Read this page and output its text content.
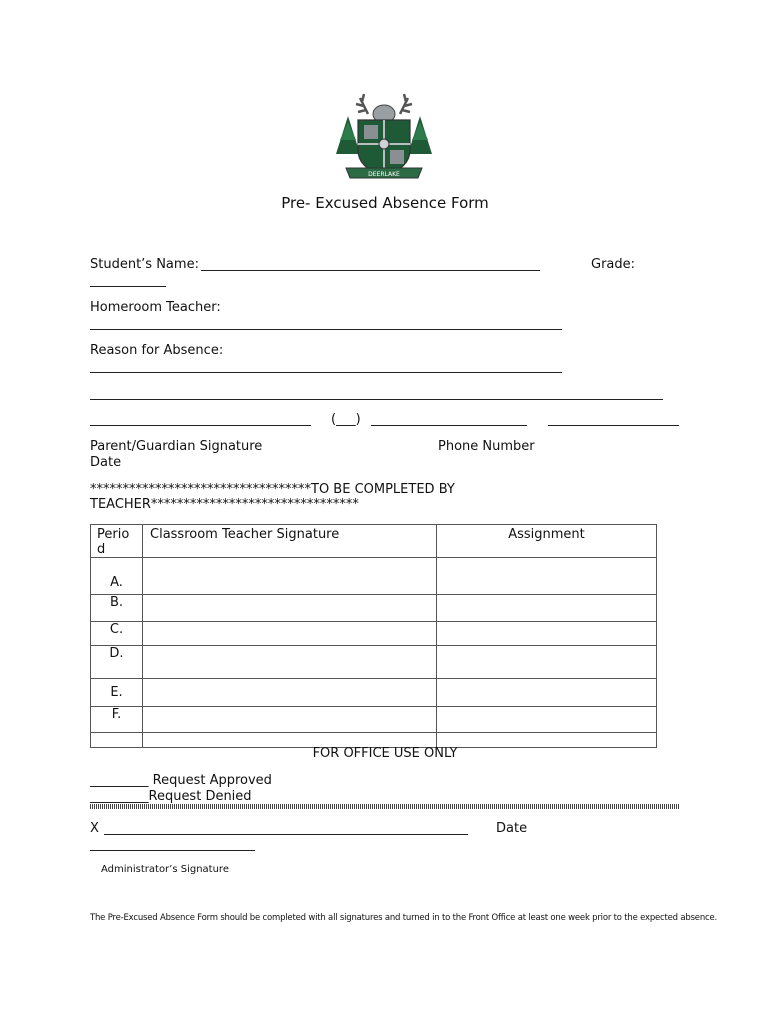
DEERLAKE
Pre- Excused Absence Form
Student’s Name:	Grade:
Homeroom Teacher:
Reason for Absence:
(___)
Parent/Guardian Signature	Phone Number
Date
**********************************TO BE COMPLETED BY
TEACHER********************************
Perio
d	Classroom Teacher Signature	Assignment
A.		
B.		
C.		
D.		
E.		
F.		

FOR OFFICE USE ONLY
_________ Request Approved
_________Request Denied
X	Date
Administrator’s Signature
The Pre-Excused Absence Form should be completed with all signatures and turned in to the Front Office at least one week prior to the expected absence.
